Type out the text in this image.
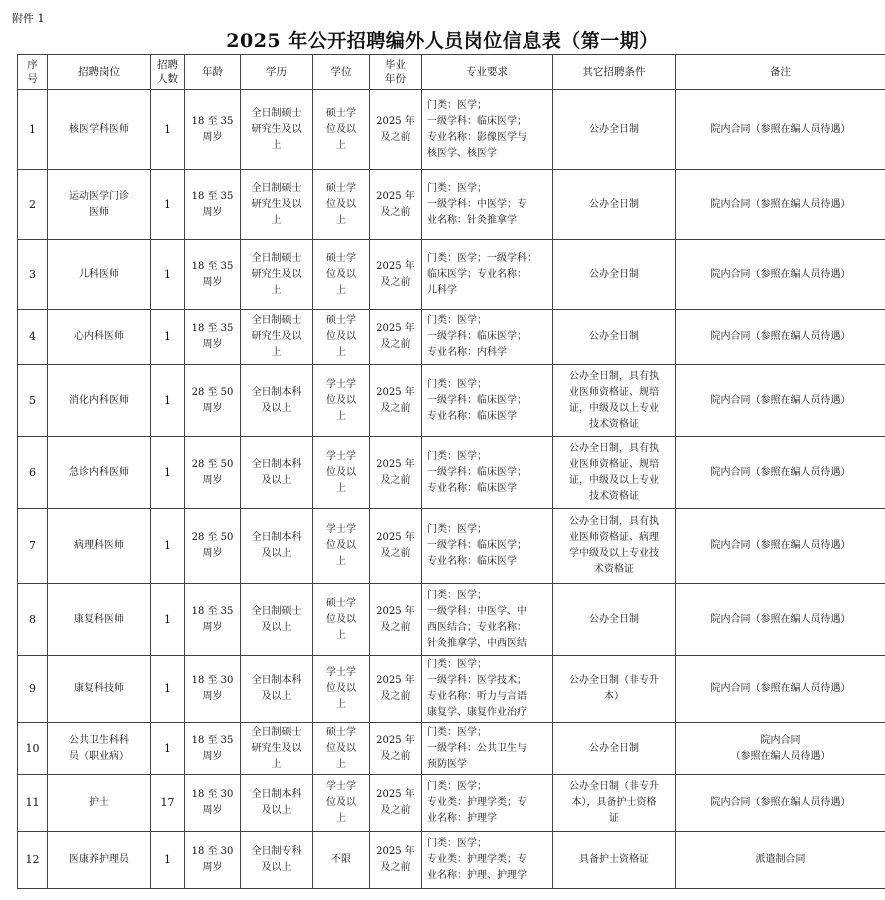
附件 1
2025 年公开招聘编外人员岗位信息表（第一期）
序
号	招聘岗位	招聘
人数	年龄	学历	学位	毕业
年份	专业要求	其它招聘条件	备注
1	核医学科医师	1	18 至 35
周岁	全日制硕士
研究生及以
上	硕士学
位及以
上	2025 年
及之前	门类：医学；
一级学科：临床医学；
专业名称：影像医学与
核医学、核医学	公办全日制	院内合同（参照在编人员待遇）
2	运动医学门诊
医师	1	18 至 35
周岁	全日制硕士
研究生及以
上	硕士学
位及以
上	2025 年
及之前	门类：医学；
一级学科：中医学；专
业名称：针灸推拿学	公办全日制	院内合同（参照在编人员待遇）
3	儿科医师	1	18 至 35
周岁	全日制硕士
研究生及以
上	硕士学
位及以
上	2025 年
及之前	门类：医学；一级学科：
临床医学；专业名称：
儿科学	公办全日制	院内合同（参照在编人员待遇）
4	心内科医师	1	18 至 35
周岁	全日制硕士
研究生及以
上	硕士学
位及以
上	2025 年
及之前	门类：医学；
一级学科：临床医学；
专业名称：内科学	公办全日制	院内合同（参照在编人员待遇）
5	消化内科医师	1	28 至 50
周岁	全日制本科
及以上	学士学
位及以
上	2025 年
及之前	门类：医学；
一级学科：临床医学；
专业名称：临床医学	公办全日制，具有执
业医师资格证、规培
证，中级及以上专业
技术资格证	院内合同（参照在编人员待遇）
6	急诊内科医师	1	28 至 50
周岁	全日制本科
及以上	学士学
位及以
上	2025 年
及之前	门类：医学；
一级学科：临床医学；
专业名称：临床医学	公办全日制，具有执
业医师资格证、规培
证，中级及以上专业
技术资格证	院内合同（参照在编人员待遇）
7	病理科医师	1	28 至 50
周岁	全日制本科
及以上	学士学
位及以
上	2025 年
及之前	门类：医学；
一级学科：临床医学；
专业名称：临床医学	公办全日制，具有执
业医师资格证、病理
学中级及以上专业技
术资格证	院内合同（参照在编人员待遇）
8	康复科医师	1	18 至 35
周岁	全日制硕士
及以上	硕士学
位及以
上	2025 年
及之前	门类：医学；
一级学科：中医学、中
西医结合；专业名称：
针灸推拿学、中西医结	公办全日制	院内合同（参照在编人员待遇）
9	康复科技师	1	18 至 30
周岁	全日制本科
及以上	学士学
位及以
上	2025 年
及之前	门类：医学；
一级学科：医学技术；
专业名称：听力与言语
康复学、康复作业治疗	公办全日制（非专升
本）	院内合同（参照在编人员待遇）
10	公共卫生科科
员（职业病）	1	18 至 35
周岁	全日制硕士
研究生及以
上	硕士学
位及以
上	2025 年
及之前	门类：医学；
一级学科：公共卫生与
预防医学	公办全日制	院内合同
（参照在编人员待遇）
11	护士	17	18 至 30
周岁	全日制本科
及以上	学士学
位及以
上	2025 年
及之前	门类：医学；
专业类：护理学类；专
业名称：护理学	公办全日制（非专升
本），具备护士资格
证	院内合同（参照在编人员待遇）
12	医康养护理员	1	18 至 30
周岁	全日制专科
及以上	不限	2025 年
及之前	门类：医学；
专业类：护理学类；专
业名称：护理、护理学	具备护士资格证	派遣制合同
